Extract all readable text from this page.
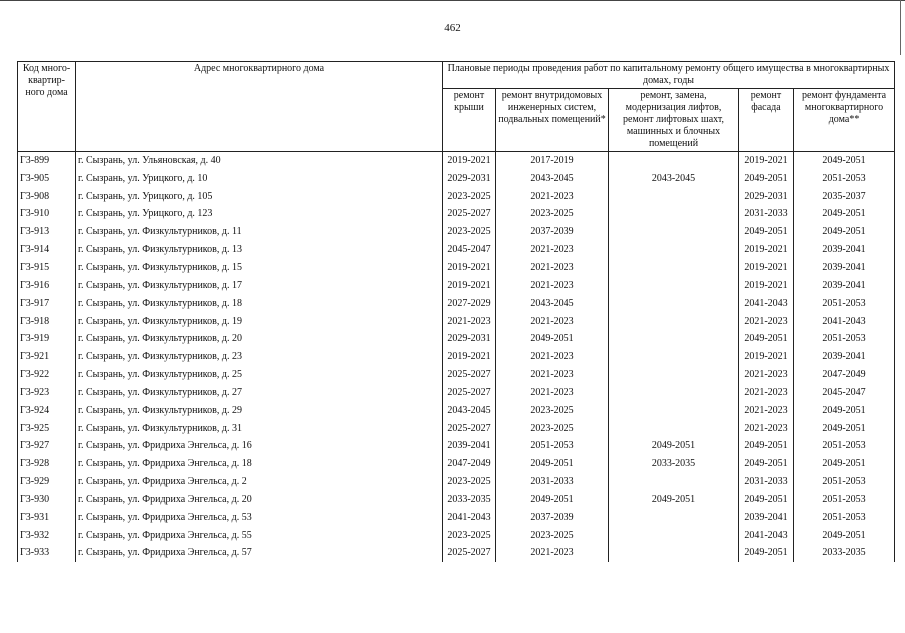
462
Код много-квартир-ного дома	Адрес многоквартирного дома	Плановые периоды проведения работ по капитальному ремонту общего имущества в многоквартирных домах, годы				
		ремонт крыши	ремонт внутридомовых инженерных систем, подвальных помещений*	ремонт, замена, модернизация лифтов, ремонт лифтовых шахт, машинных и блочных помещений	ремонт фасада	ремонт фундамента многоквартирного дома**
Г3-899	г. Сызрань, ул. Ульяновская, д. 40	2019-2021	2017-2019		2019-2021	2049-2051
Г3-905	г. Сызрань, ул. Урицкого, д. 10	2029-2031	2043-2045	2043-2045	2049-2051	2051-2053
Г3-908	г. Сызрань, ул. Урицкого, д. 105	2023-2025	2021-2023		2029-2031	2035-2037
Г3-910	г. Сызрань, ул. Урицкого, д. 123	2025-2027	2023-2025		2031-2033	2049-2051
Г3-913	г. Сызрань, ул. Физкультурников, д. 11	2023-2025	2037-2039		2049-2051	2049-2051
Г3-914	г. Сызрань, ул. Физкультурников, д. 13	2045-2047	2021-2023		2019-2021	2039-2041
Г3-915	г. Сызрань, ул. Физкультурников, д. 15	2019-2021	2021-2023		2019-2021	2039-2041
Г3-916	г. Сызрань, ул. Физкультурников, д. 17	2019-2021	2021-2023		2019-2021	2039-2041
Г3-917	г. Сызрань, ул. Физкультурников, д. 18	2027-2029	2043-2045		2041-2043	2051-2053
Г3-918	г. Сызрань, ул. Физкультурников, д. 19	2021-2023	2021-2023		2021-2023	2041-2043
Г3-919	г. Сызрань, ул. Физкультурников, д. 20	2029-2031	2049-2051		2049-2051	2051-2053
Г3-921	г. Сызрань, ул. Физкультурников, д. 23	2019-2021	2021-2023		2019-2021	2039-2041
Г3-922	г. Сызрань, ул. Физкультурников, д. 25	2025-2027	2021-2023		2021-2023	2047-2049
Г3-923	г. Сызрань, ул. Физкультурников, д. 27	2025-2027	2021-2023		2021-2023	2045-2047
Г3-924	г. Сызрань, ул. Физкультурников, д. 29	2043-2045	2023-2025		2021-2023	2049-2051
Г3-925	г. Сызрань, ул. Физкультурников, д. 31	2025-2027	2023-2025		2021-2023	2049-2051
Г3-927	г. Сызрань, ул. Фридриха Энгельса, д. 16	2039-2041	2051-2053	2049-2051	2049-2051	2051-2053
Г3-928	г. Сызрань, ул. Фридриха Энгельса, д. 18	2047-2049	2049-2051	2033-2035	2049-2051	2049-2051
Г3-929	г. Сызрань, ул. Фридриха Энгельса, д. 2	2023-2025	2031-2033		2031-2033	2051-2053
Г3-930	г. Сызрань, ул. Фридриха Энгельса, д. 20	2033-2035	2049-2051	2049-2051	2049-2051	2051-2053
Г3-931	г. Сызрань, ул. Фридриха Энгельса, д. 53	2041-2043	2037-2039		2039-2041	2051-2053
Г3-932	г. Сызрань, ул. Фридриха Энгельса, д. 55	2023-2025	2023-2025		2041-2043	2049-2051
Г3-933	г. Сызрань, ул. Фридриха Энгельса, д. 57	2025-2027	2021-2023		2049-2051	2033-2035
